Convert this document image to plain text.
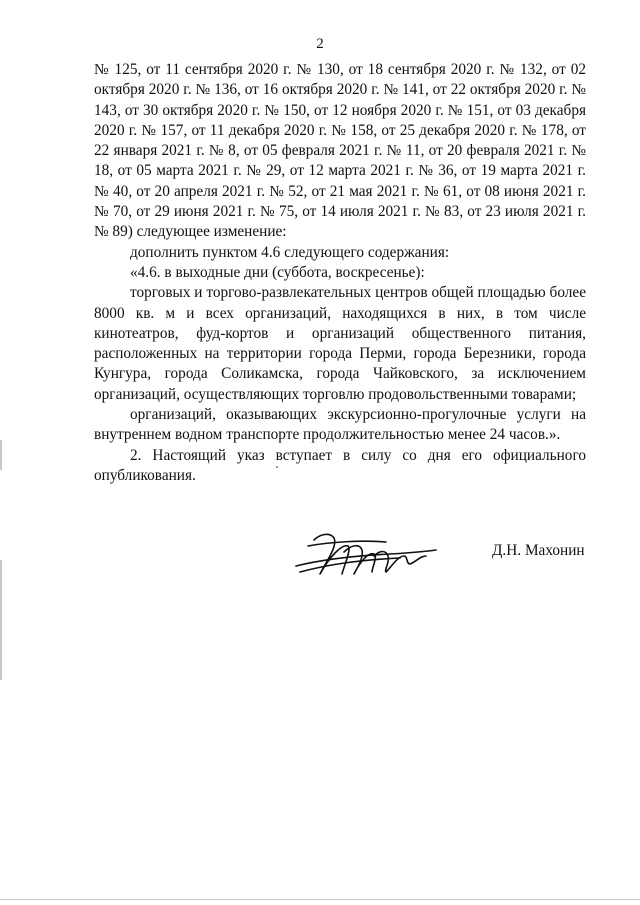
2

№ 125, от 11 сентября 2020 г. № 130, от 18 сентября 2020 г. № 132, от 02 октября 2020 г. № 136, от 16 октября 2020 г. № 141, от 22 октября 2020 г. № 143, от 30 октября 2020 г. № 150, от 12 ноября 2020 г. № 151, от 03 декабря 2020 г. № 157, от 11 декабря 2020 г. № 158, от 25 декабря 2020 г. № 178, от 22 января 2021 г. № 8, от 05 февраля 2021 г. № 11, от 20 февраля 2021 г. № 18, от 05 марта 2021 г. № 29, от 12 марта 2021 г. № 36, от 19 марта 2021 г. № 40, от 20 апреля 2021 г. № 52, от 21 мая 2021 г. № 61, от 08 июня 2021 г. № 70, от 29 июня 2021 г. № 75, от 14 июля 2021 г. № 83, от 23 июля 2021 г. № 89) следующее изменение:

дополнить пунктом 4.6 следующего содержания:

«4.6. в выходные дни (суббота, воскресенье):

торговых и торгово-развлекательных центров общей площадью более 8000 кв. м и всех организаций, находящихся в них, в том числе кинотеатров, фуд-кортов и организаций общественного питания, расположенных на территории города Перми, города Березники, города Кунгура, города Соликамска, города Чайковского, за исключением организаций, осуществляющих торговлю продовольственными товарами;

организаций, оказывающих экскурсионно-прогулочные услуги на внутреннем водном транспорте продолжительностью менее 24 часов.».

2. Настоящий указ вступает в силу со дня его официального опубликования.

Д.Н. Махонин
